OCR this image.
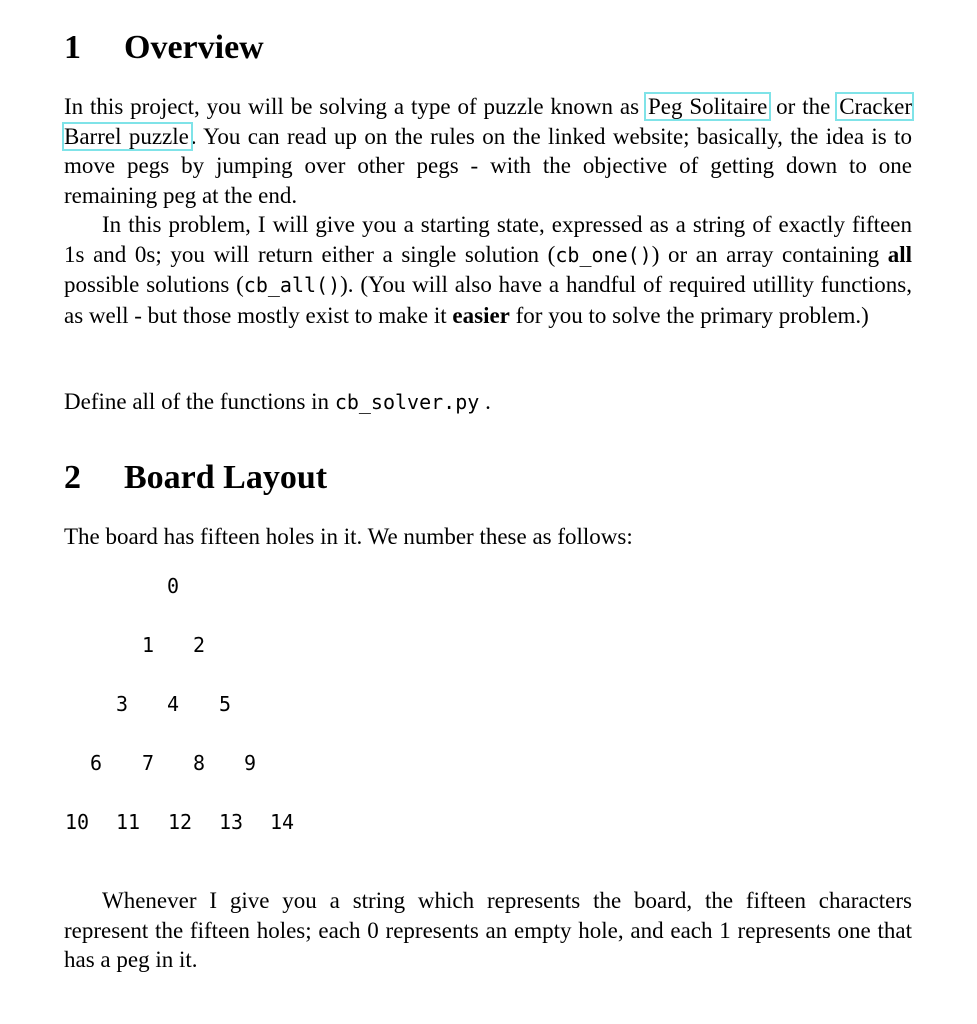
1 Overview

In this project, you will be solving a type of puzzle known as Peg Solitaire or the Cracker Barrel puzzle. You can read up on the rules on the linked website; basically, the idea is to move pegs by jumping over other pegs - with the objective of getting down to one remaining peg at the end.

In this problem, I will give you a starting state, expressed as a string of exactly fifteen 1s and 0s; you will return either a single solution (cb_one()) or an array containing all possible solutions (cb_all()). (You will also have a handful of required utillity functions, as well - but those mostly exist to make it easier for you to solve the primary problem.)

Define all of the functions in cb_solver.py .

2 Board Layout

The board has fifteen holes in it. We number these as follows:

0
1 2
3 4 5
6 7 8 9
10 11 12 13 14

Whenever I give you a string which represents the board, the fifteen characters represent the fifteen holes; each 0 represents an empty hole, and each 1 represents one that has a peg in it.
